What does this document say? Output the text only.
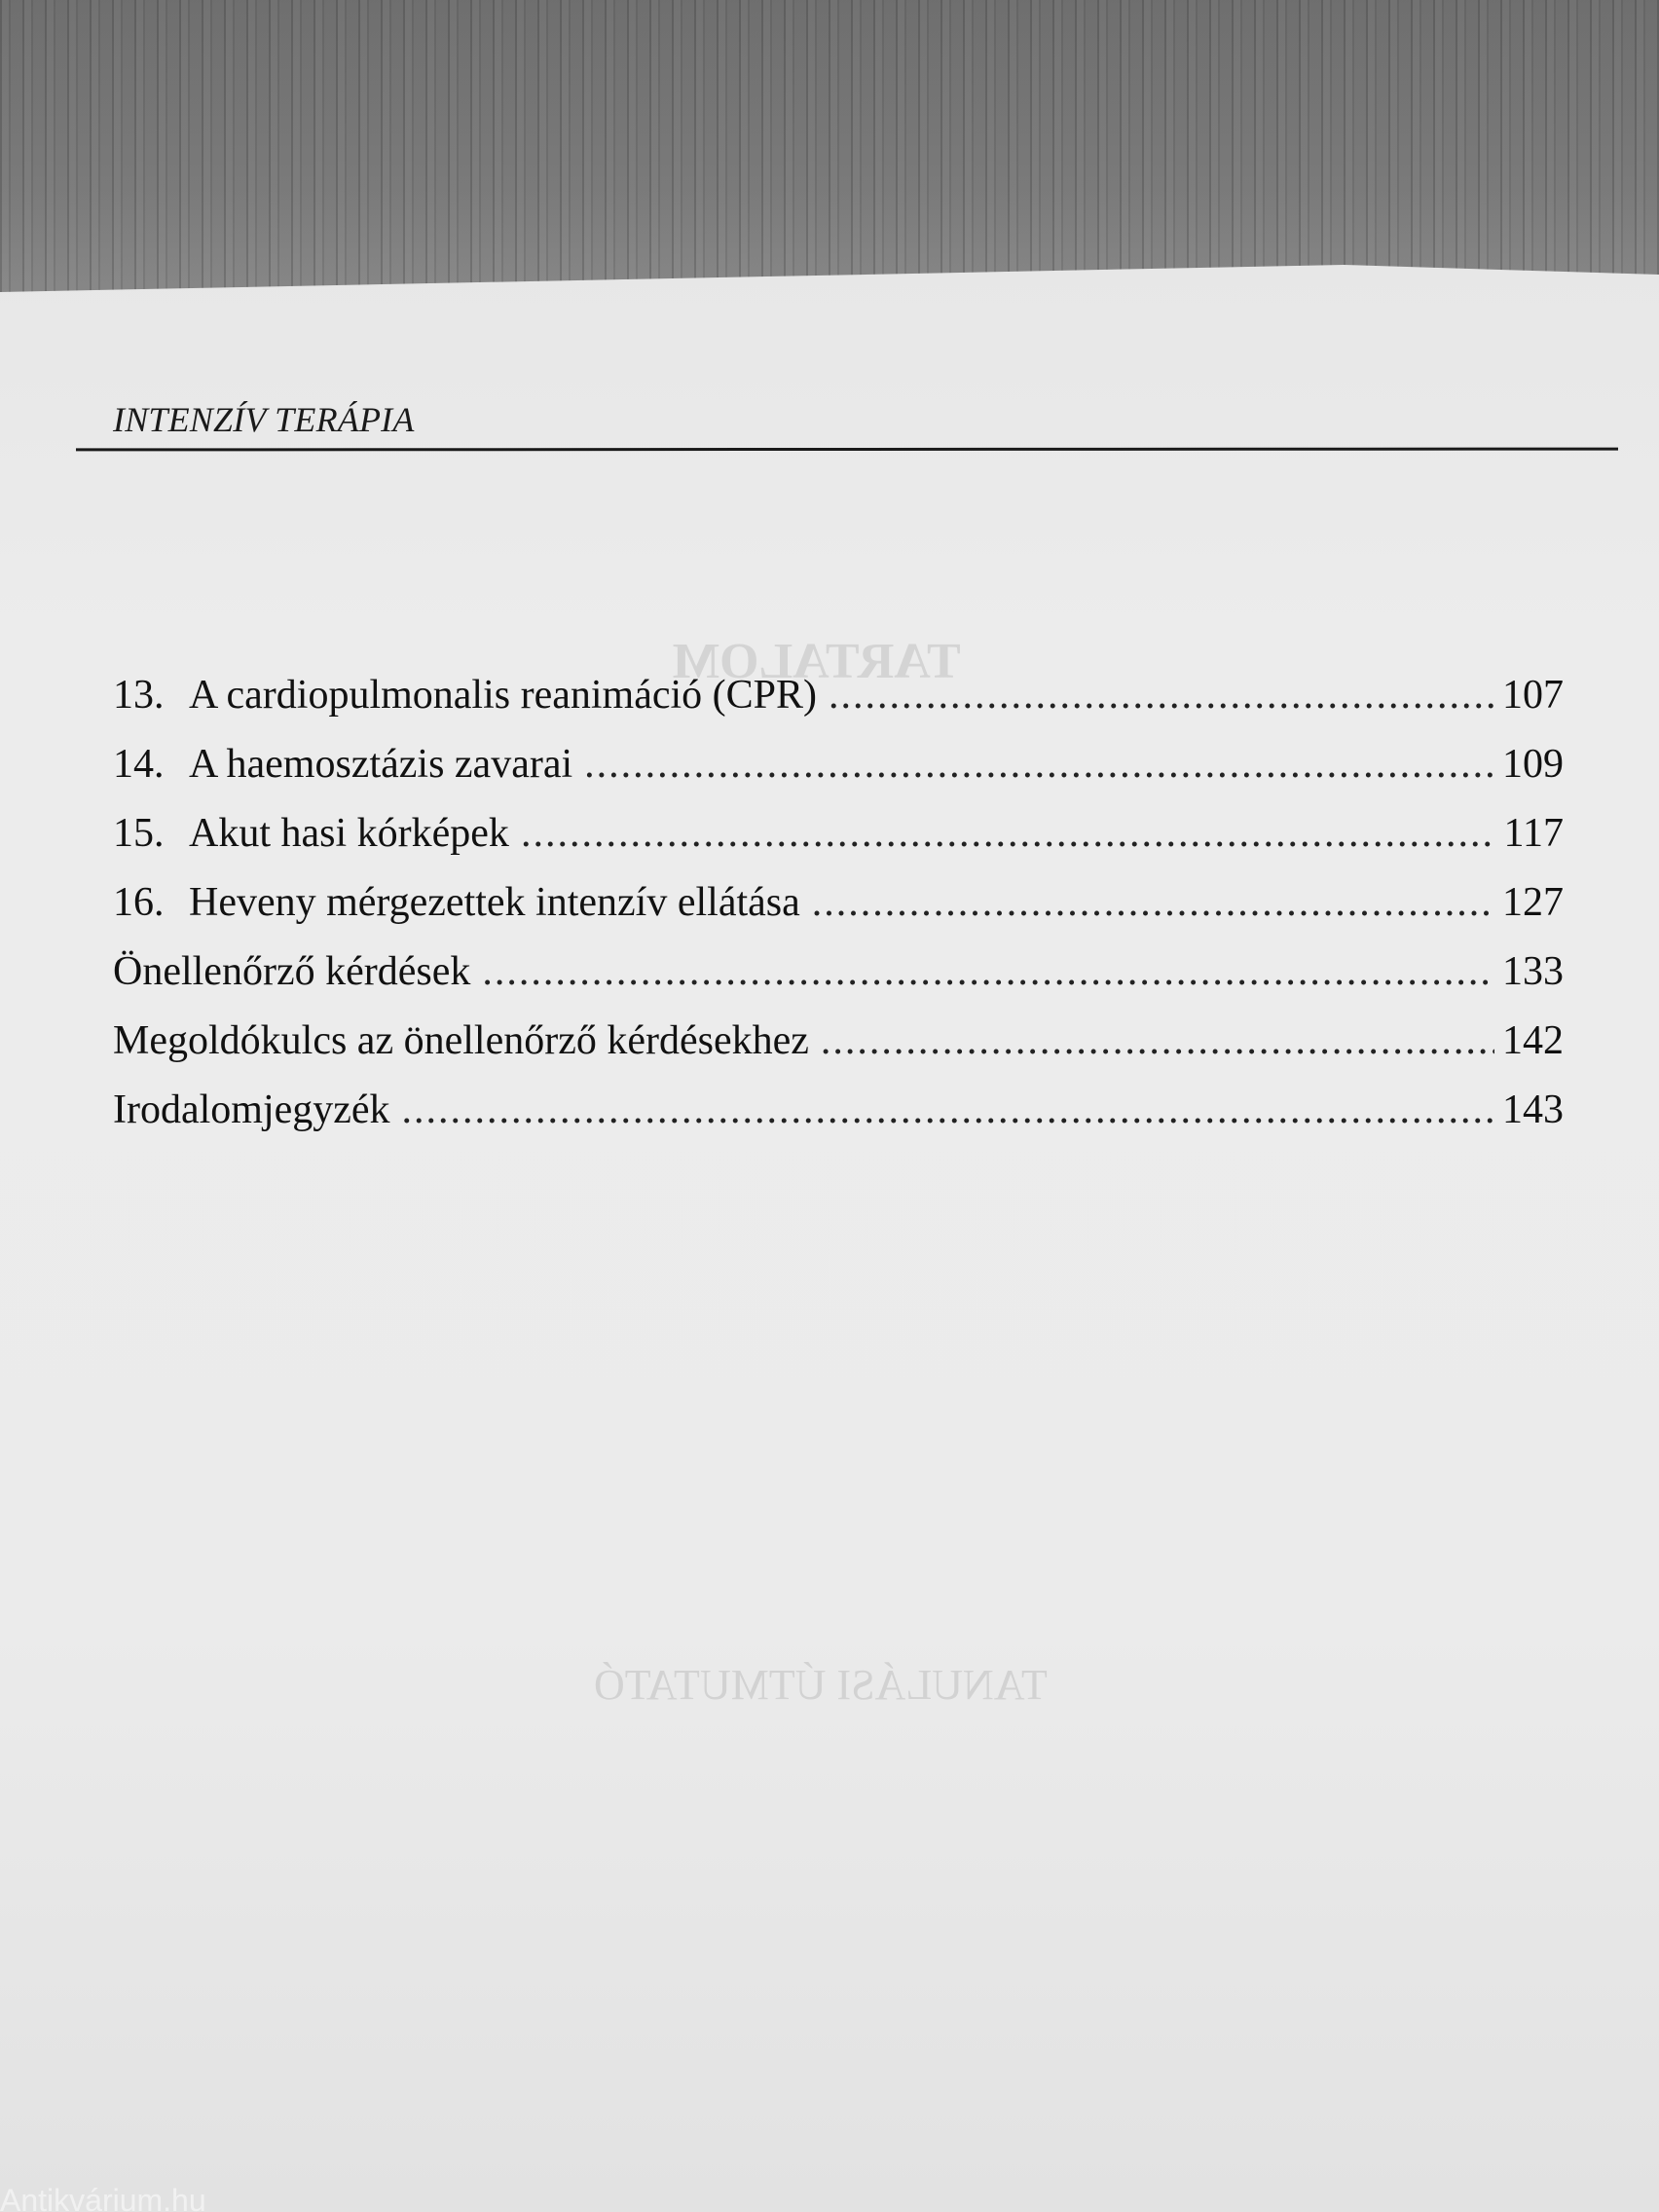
TARTALOM
TANULÁSI ÚTMUTATÓ
INTENZÍV TERÁPIA
13. A cardiopulmonalis reanimáció (CPR) .....	107
14. A haemosztázis zavarai .....	109
15. Akut hasi kórképek .....	117
16. Heveny mérgezettek intenzív ellátása .....	127
Önellenőrző kérdések .....	133
Megoldókulcs az önellenőrző kérdésekhez .....	142
Irodalomjegyzék .....	143
Antikvárium.hu
